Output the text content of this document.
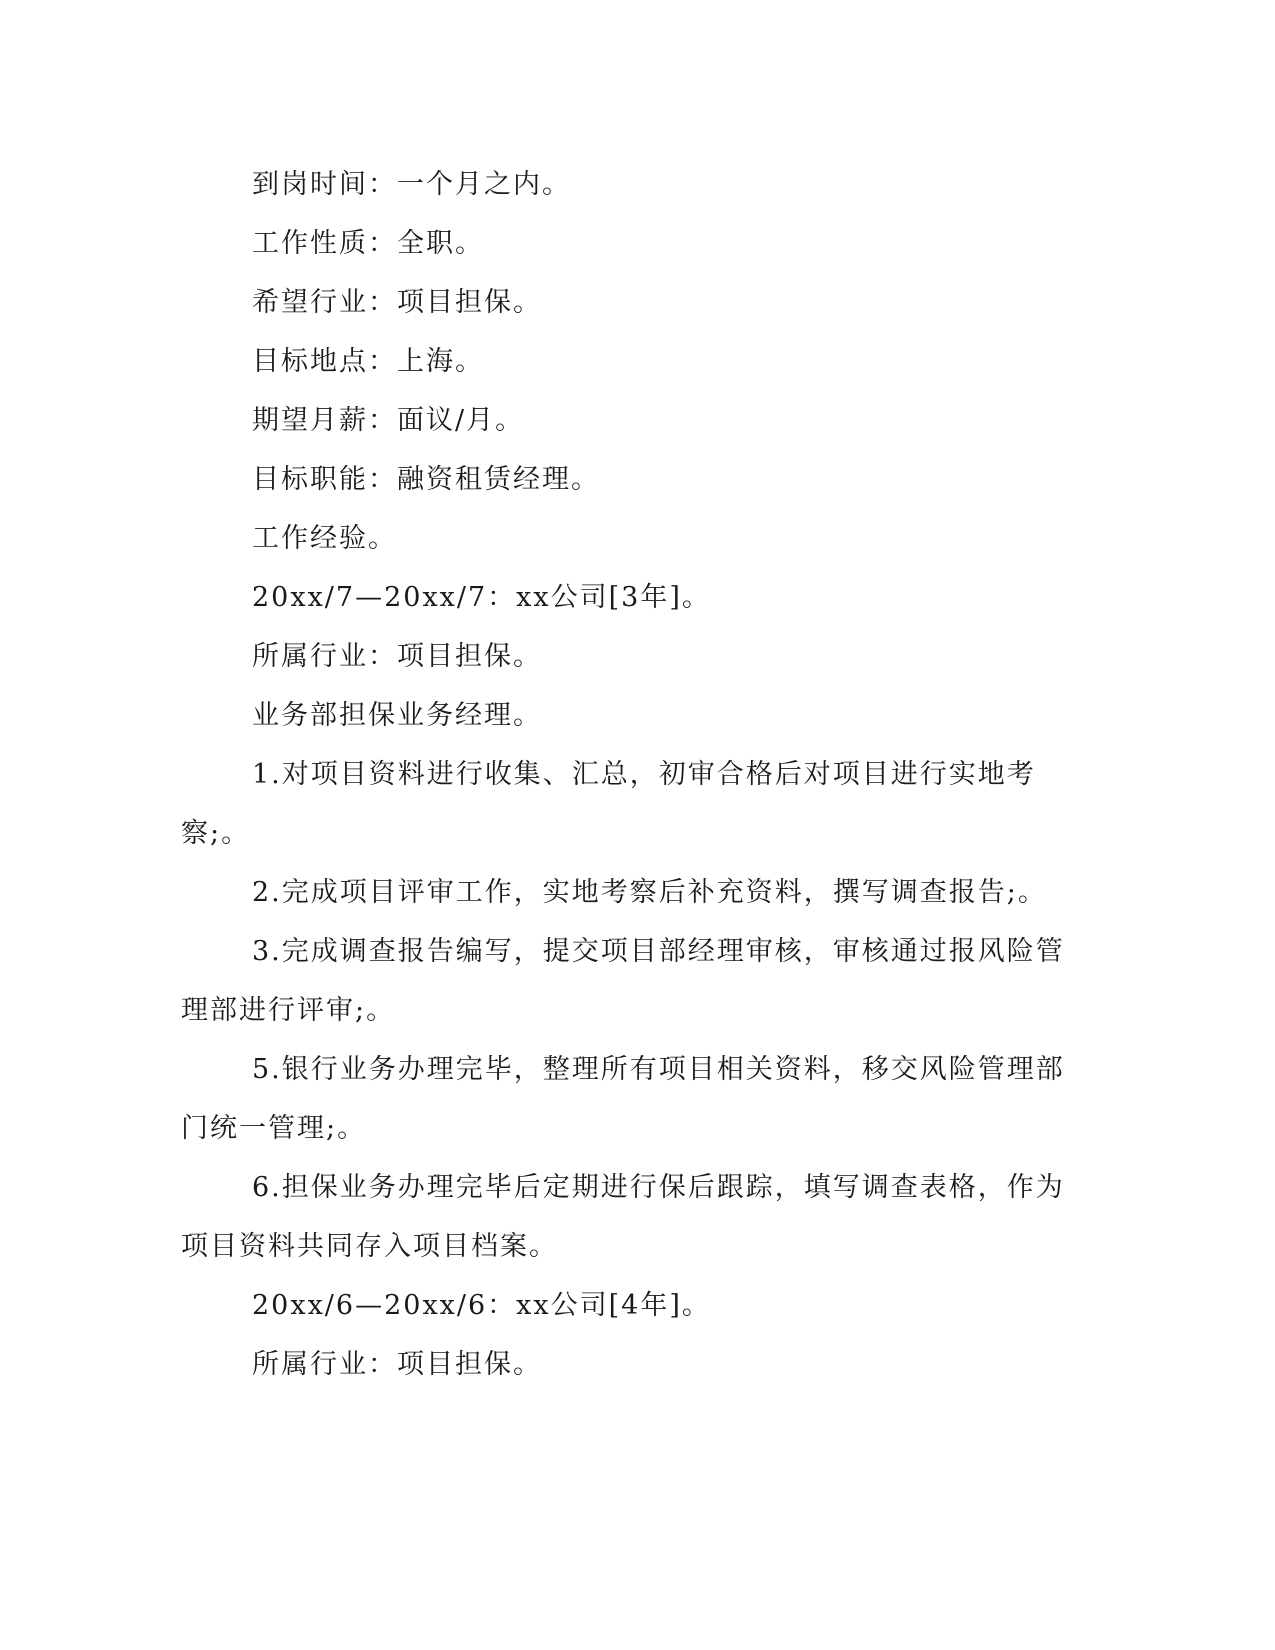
到岗时间：一个月之内。

工作性质：全职。

希望行业：项目担保。

目标地点：上海。

期望月薪：面议/月。

目标职能：融资租赁经理。

工作经验。

20xx/7—20xx/7：xx公司[3年]。

所属行业：项目担保。

业务部担保业务经理。

1.对项目资料进行收集、汇总，初审合格后对项目进行实地考察;。

2.完成项目评审工作，实地考察后补充资料，撰写调查报告;。

3.完成调查报告编写，提交项目部经理审核，审核通过报风险管理部进行评审;。

5.银行业务办理完毕，整理所有项目相关资料，移交风险管理部门统一管理;。

6.担保业务办理完毕后定期进行保后跟踪，填写调查表格，作为项目资料共同存入项目档案。

20xx/6—20xx/6：xx公司[4年]。

所属行业：项目担保。
